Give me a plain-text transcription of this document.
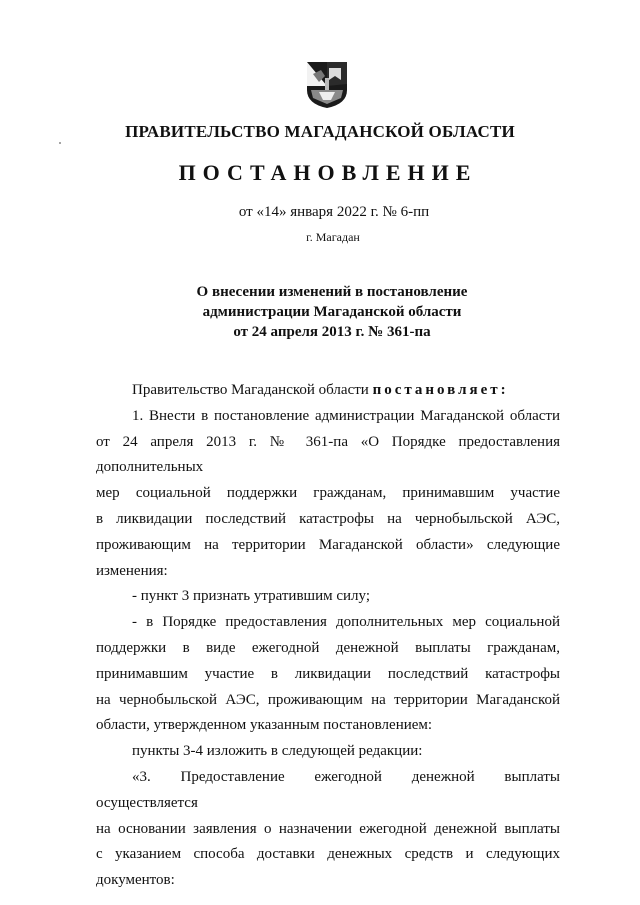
ПРАВИТЕЛЬСТВО МАГАДАНСКОЙ ОБЛАСТИ
ПОСТАНОВЛЕНИЕ
от «14» января 2022 г. № 6-пп
г. Магадан
О внесении изменений в постановление
администрации Магаданской области
от 24 апреля 2013 г. № 361-па

Правительство Магаданской области постановляет:

1. Внести в постановление администрации Магаданской области

от 24 апреля 2013 г. № 361-па «О Порядке предоставления дополнительных

мер социальной поддержки гражданам, принимавшим участие

в ликвидации последствий катастрофы на чернобыльской АЭС,

проживающим на территории Магаданской области» следующие

изменения:

- пункт 3 признать утратившим силу;

- в Порядке предоставления дополнительных мер социальной

поддержки в виде ежегодной денежной выплаты гражданам,

принимавшим участие в ликвидации последствий катастрофы

на чернобыльской АЭС, проживающим на территории Магаданской

области, утвержденном указанным постановлением:

пункты 3-4 изложить в следующей редакции:

«3. Предоставление ежегодной денежной выплаты осуществляется

на основании заявления о назначении ежегодной денежной выплаты

с указанием способа доставки денежных средств и следующих

документов:
